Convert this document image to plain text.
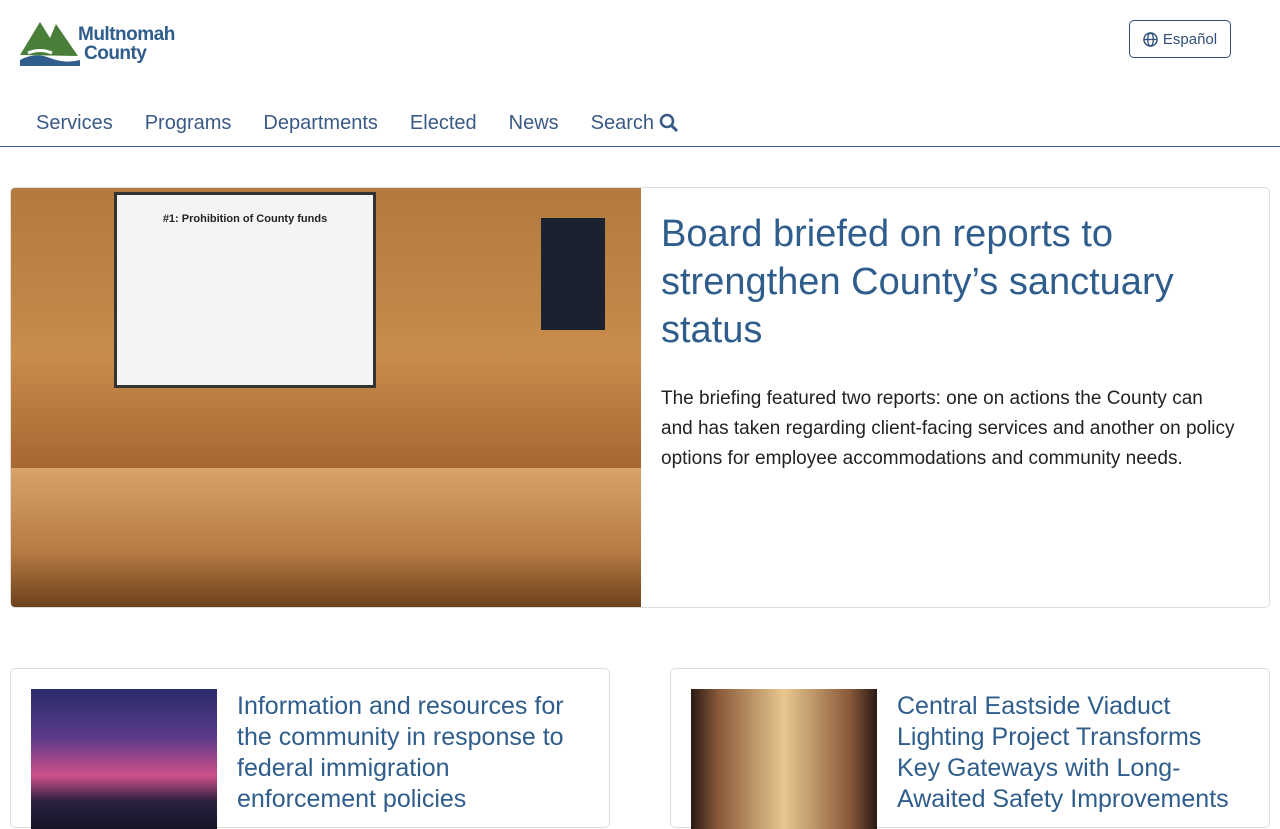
Multnomah
County
Español
Services	Programs	Departments	Elected	News	Search
#1: Prohibition of County funds	Board briefed on reports to strengthen County’s sanctuary status

The briefing featured two reports: one on actions the County can and has taken regarding client-facing services and another on policy options for employee accommodations and community needs.

Information and resources for the community in response to federal immigration enforcement policies
Central Eastside Viaduct Lighting Project Transforms Key Gateways with Long-Awaited Safety Improvements
